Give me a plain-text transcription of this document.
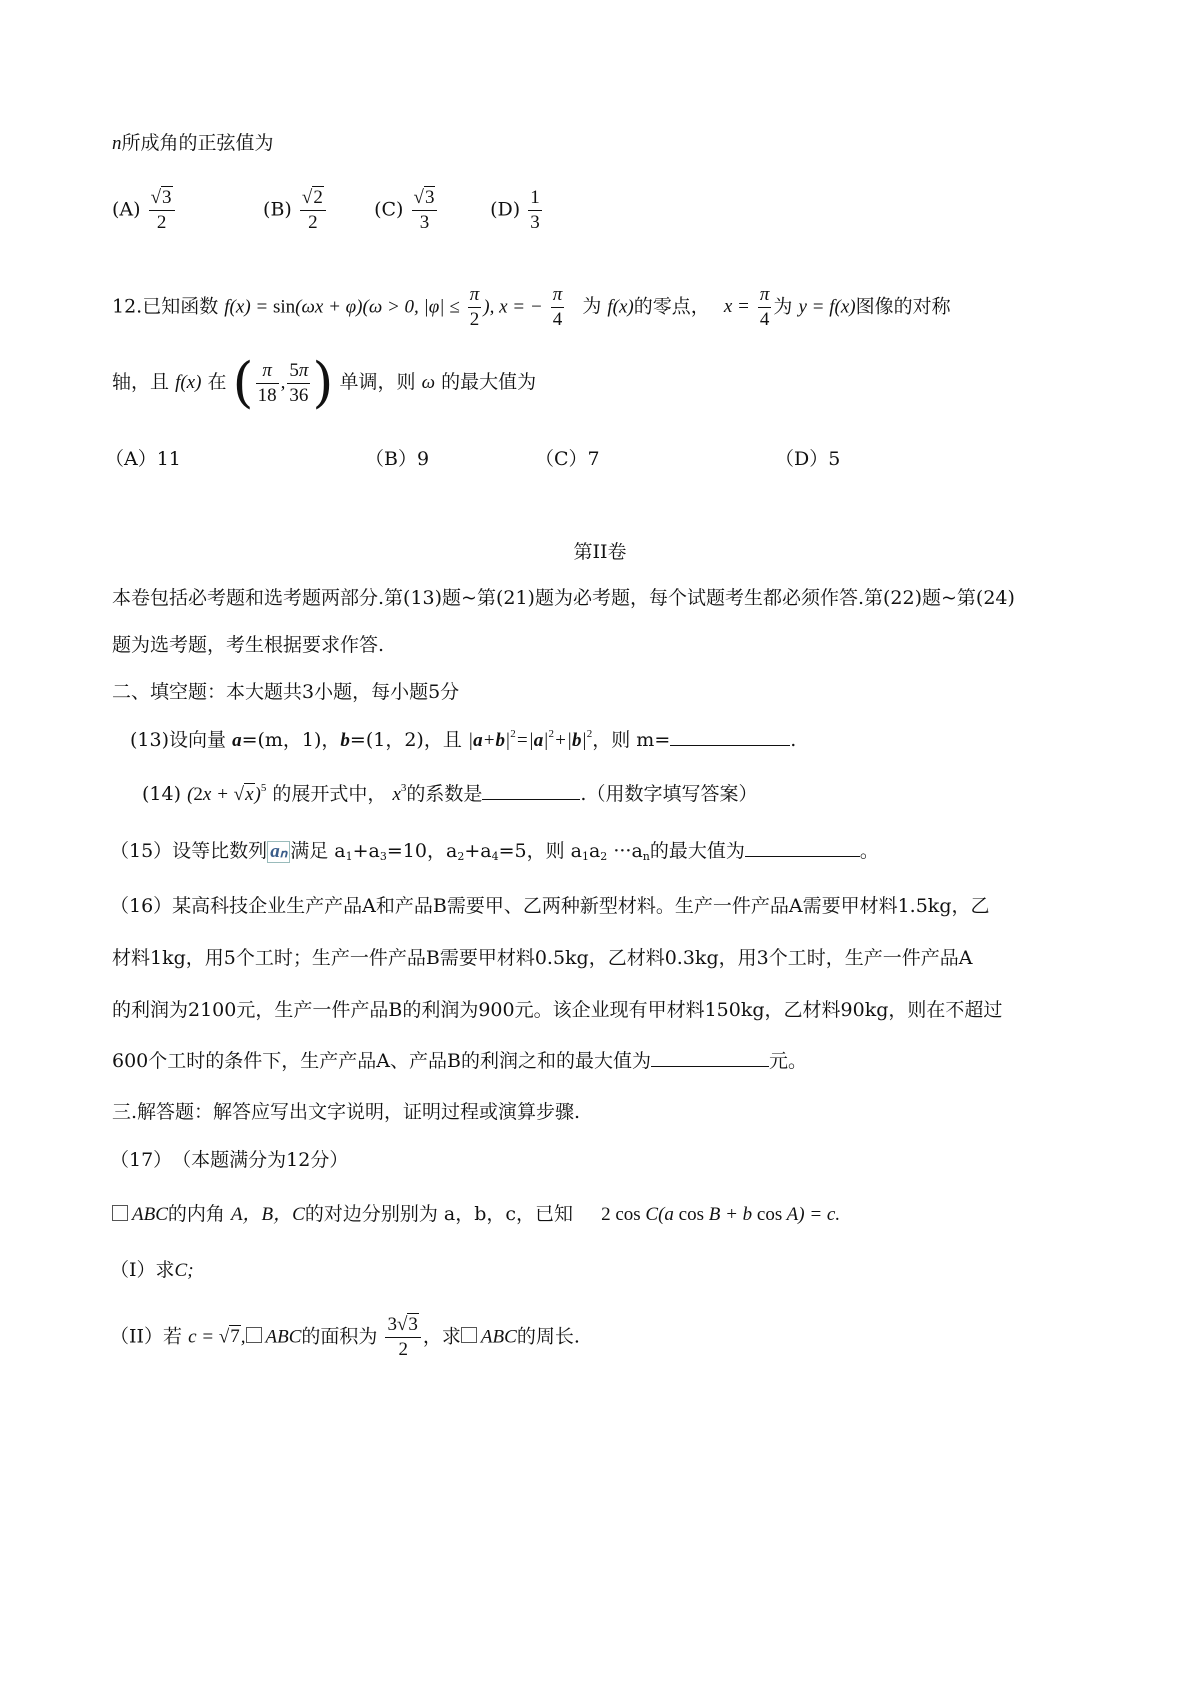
n所成角的正弦值为
$(A) \frac{√3}{2}$	$(B) \frac{√2}{2}$	$(C) \frac{√3}{3}$	$(D) \frac{1}{3}$
12.已知函数 f(x) = sin(ωx + φ)(ω > 0, $|\varphi| \le \frac{\pi}{2}$ ), x = − $\frac{\pi}{4}$ 为 f(x)的零点， $x = \frac{\pi}{4}$ 为 y = f(x)图像的对称
轴，且 f(x) 在 ( $\frac{\pi}{18}$ , $\frac{5\pi}{36}$ ) 单调，则 ω 的最大值为
（A）11	（B）9	（C）7	（D）5
第II卷
本卷包括必考题和选考题两部分.第(13)题~第(21)题为必考题，每个试题考生都必须作答.第(22)题~第(24)
题为选考题，考生根据要求作答.
二、填空题：本大题共3小题，每小题5分
(13)设向量 a=(m，1)，b=(1，2)，且 $|a+b|^2=|a|^2+|b|^2$，则 m=	.
(14) $(2x + √x)^5$ 的展开式中， $x^3$的系数是	.（用数字填写答案）
（15）设等比数列 aₙ 满足 $a_1+a_3=10$，$a_2+a_4=5$，则 $a_1a_2 \cdot\cdot\cdot a_n$的最大值为	。
（16）某高科技企业生产产品A和产品B需要甲、乙两种新型材料。生产一件产品A需要甲材料1.5kg，乙
材料1kg，用5个工时；生产一件产品B需要甲材料0.5kg，乙材料0.3kg，用3个工时，生产一件产品A
的利润为2100元，生产一件产品B的利润为900元。该企业现有甲材料150kg，乙材料90kg，则在不超过
600个工时的条件下，生产产品A、产品B的利润之和的最大值为	元。
三.解答题：解答应写出文字说明，证明过程或演算步骤.
（17）　（本题满分为12分）
ABC的内角 A，B，C的对边分别别为 a，b，c，已知 2 cos C(a cos B + b cos A) = c.
（I）求C;
（II）若 c = √7, ABC的面积为 $\frac{3√3}{2}$ ，求 ABC的周长.
